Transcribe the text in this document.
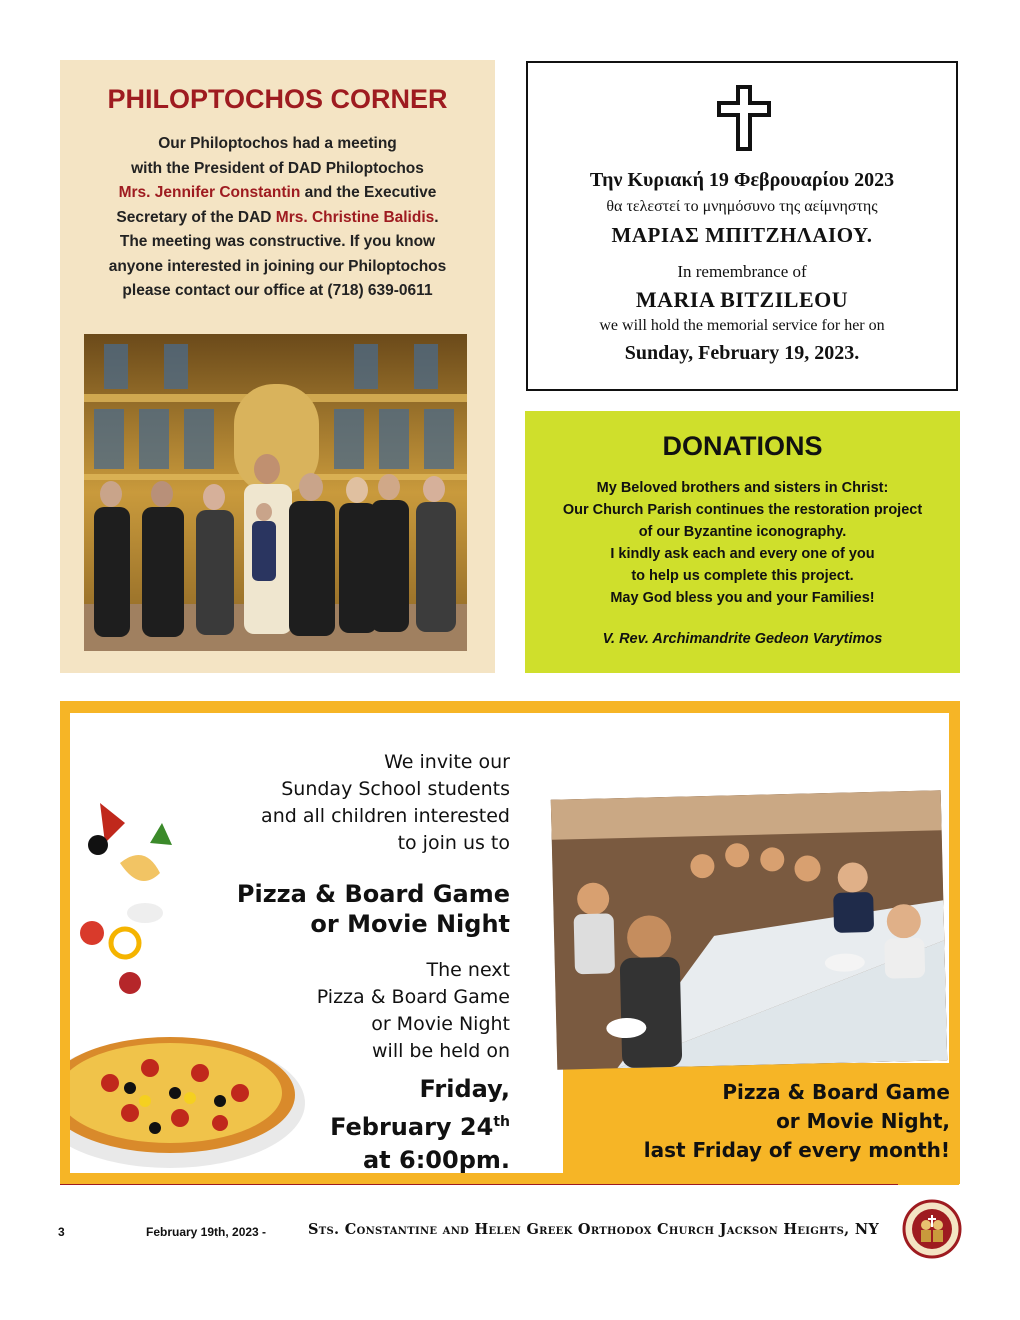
PHILOPTOCHOS CORNER
Our Philoptochos had a meeting
with the President of DAD Philoptochos
Mrs. Jennifer Constantin and the Executive
Secretary of the DAD Mrs. Christine Balidis.
The meeting was constructive. If you know
anyone interested in joining our Philoptochos
please contact our office at (718) 639-0611
Την Κυριακή 19 Φεβρουαρίου 2023
θα τελεστεί το μνημόσυνο της αείμνηστης
ΜΑΡΙΑΣ ΜΠΙΤΖΗΛΑΙΟΥ.
In remembrance of
MARIA BITZILEOU
we will hold the memorial service for her on
Sunday, February 19, 2023.
DONATIONS
My Beloved brothers and sisters in Christ:
Our Church Parish continues the restoration project
of our Byzantine iconography.
I kindly ask each and every one of you
to help us complete this project.
May God bless you and your Families!
V. Rev. Archimandrite Gedeon Varytimos
We invite our
Sunday School students
and all children interested
to join us to
Pizza & Board Game
or Movie Night
The next
Pizza & Board Game
or Movie Night
will be held on
Friday,
February 24th
at 6:00pm.
Pizza & Board Game
or Movie Night,
last Friday of every month!
3	February 19th, 2023 -	Sts. Constantine and Helen Greek Orthodox Church Jackson Heights, NY
